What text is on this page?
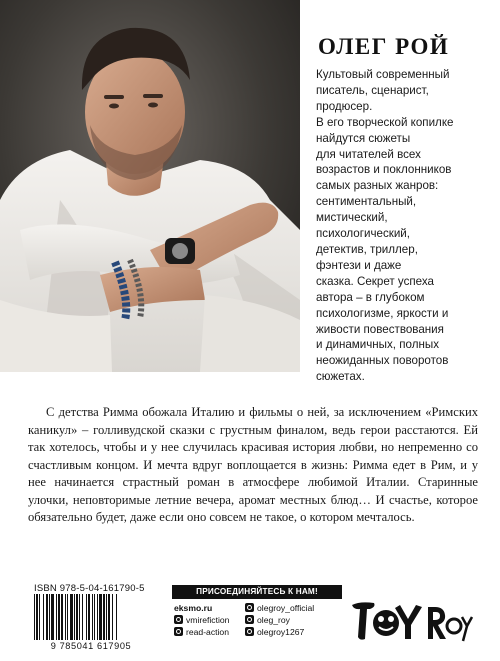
ОЛЕГ РОЙ
Культовый современный
писатель, сценарист,
продюсер.
В его творческой копилке
найдутся сюжеты
для читателей всех
возрастов и поклонников
самых разных жанров:
сентиментальный,
мистический,
психологический,
детектив, триллер,
фэнтези и даже
сказка. Секрет успеха
автора – в глубоком
психологизме, яркости и
живости повествования
и динамичных, полных
неожиданных поворотов
сюжетах.

С детства Римма обожала Италию и фильмы о ней, за исключением «Римских каникул» – голливудской сказки с грустным финалом, ведь герои расстаются. Ей так хотелось, чтобы и у нее случилась красивая история любви, но непременно со счастливым концом. И мечта вдруг воплощается в жизнь: Римма едет в Рим, и у нее начинается страстный роман в атмосфере любимой Италии. Старинные улочки, неповторимые летние вечера, аромат местных блюд… И счастье, которое обязательно будет, даже если оно совсем не такое, о котором мечталось.

ISBN 978-5-04-161790-5
9 785041 617905
ПРИСОЕДИНЯЙТЕСЬ К НАМ!
eksmo.ru
vmirefiction
read-action
olegroy_official
oleg_roy
olegroy1267
